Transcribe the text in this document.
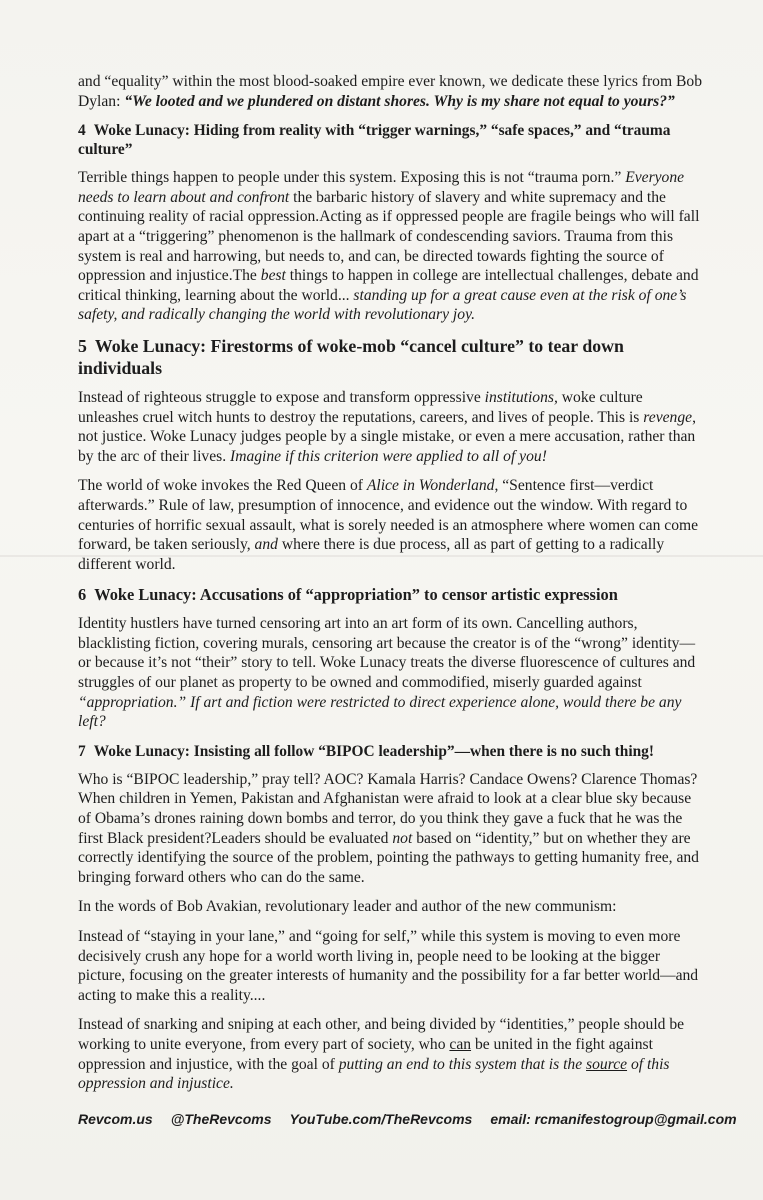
and “equality” within the most blood-soaked empire ever known, we dedicate these lyrics from Bob Dylan: “We looted and we plundered on distant shores. Why is my share not equal to yours?”

4 Woke Lunacy: Hiding from reality with “trigger warnings,” “safe spaces,” and “trauma culture”

Terrible things happen to people under this system. Exposing this is not “trauma porn.” Everyone needs to learn about and confront the barbaric history of slavery and white supremacy and the continuing reality of racial oppression.Acting as if oppressed people are fragile beings who will fall apart at a “triggering” phenomenon is the hallmark of condescending saviors. Trauma from this system is real and harrowing, but needs to, and can, be directed towards fighting the source of oppression and injustice.The best things to happen in college are intellectual challenges, debate and critical thinking, learning about the world... standing up for a great cause even at the risk of one’s safety, and radically changing the world with revolutionary joy.

5 Woke Lunacy: Firestorms of woke-mob “cancel culture” to tear down individuals

Instead of righteous struggle to expose and transform oppressive institutions, woke culture unleashes cruel witch hunts to destroy the reputations, careers, and lives of people. This is revenge, not justice. Woke Lunacy judges people by a single mistake, or even a mere accusation, rather than by the arc of their lives. Imagine if this criterion were applied to all of you!

The world of woke invokes the Red Queen of Alice in Wonderland, “Sentence first—verdict afterwards.” Rule of law, presumption of innocence, and evidence out the window. With regard to centuries of horrific sexual assault, what is sorely needed is an atmosphere where women can come forward, be taken seriously, and where there is due process, all as part of getting to a radically different world.

6 Woke Lunacy: Accusations of “appropriation” to censor artistic expression

Identity hustlers have turned censoring art into an art form of its own. Cancelling authors, blacklisting fiction, covering murals, censoring art because the creator is of the “wrong” identity—or because it’s not “their” story to tell. Woke Lunacy treats the diverse fluorescence of cultures and struggles of our planet as property to be owned and commodified, miserly guarded against “appropriation.” If art and fiction were restricted to direct experience alone, would there be any left?

7 Woke Lunacy: Insisting all follow “BIPOC leadership”—when there is no such thing!

Who is “BIPOC leadership,” pray tell? AOC? Kamala Harris? Candace Owens? Clarence Thomas? When children in Yemen, Pakistan and Afghanistan were afraid to look at a clear blue sky because of Obama’s drones raining down bombs and terror, do you think they gave a fuck that he was the first Black president?Leaders should be evaluated not based on “identity,” but on whether they are correctly identifying the source of the problem, pointing the pathways to getting humanity free, and bringing forward others who can do the same.

In the words of Bob Avakian, revolutionary leader and author of the new communism:

Instead of “staying in your lane,” and “going for self,” while this system is moving to even more decisively crush any hope for a world worth living in, people need to be looking at the bigger picture, focusing on the greater interests of humanity and the possibility for a far better world—and acting to make this a reality....

Instead of snarking and sniping at each other, and being divided by “identities,” people should be working to unite everyone, from every part of society, who can be united in the fight against oppression and injustice, with the goal of putting an end to this system that is the source of this oppression and injustice.

Revcom.us @TheRevcoms YouTube.com/TheRevcoms email: rcmanifestogroup@gmail.com
